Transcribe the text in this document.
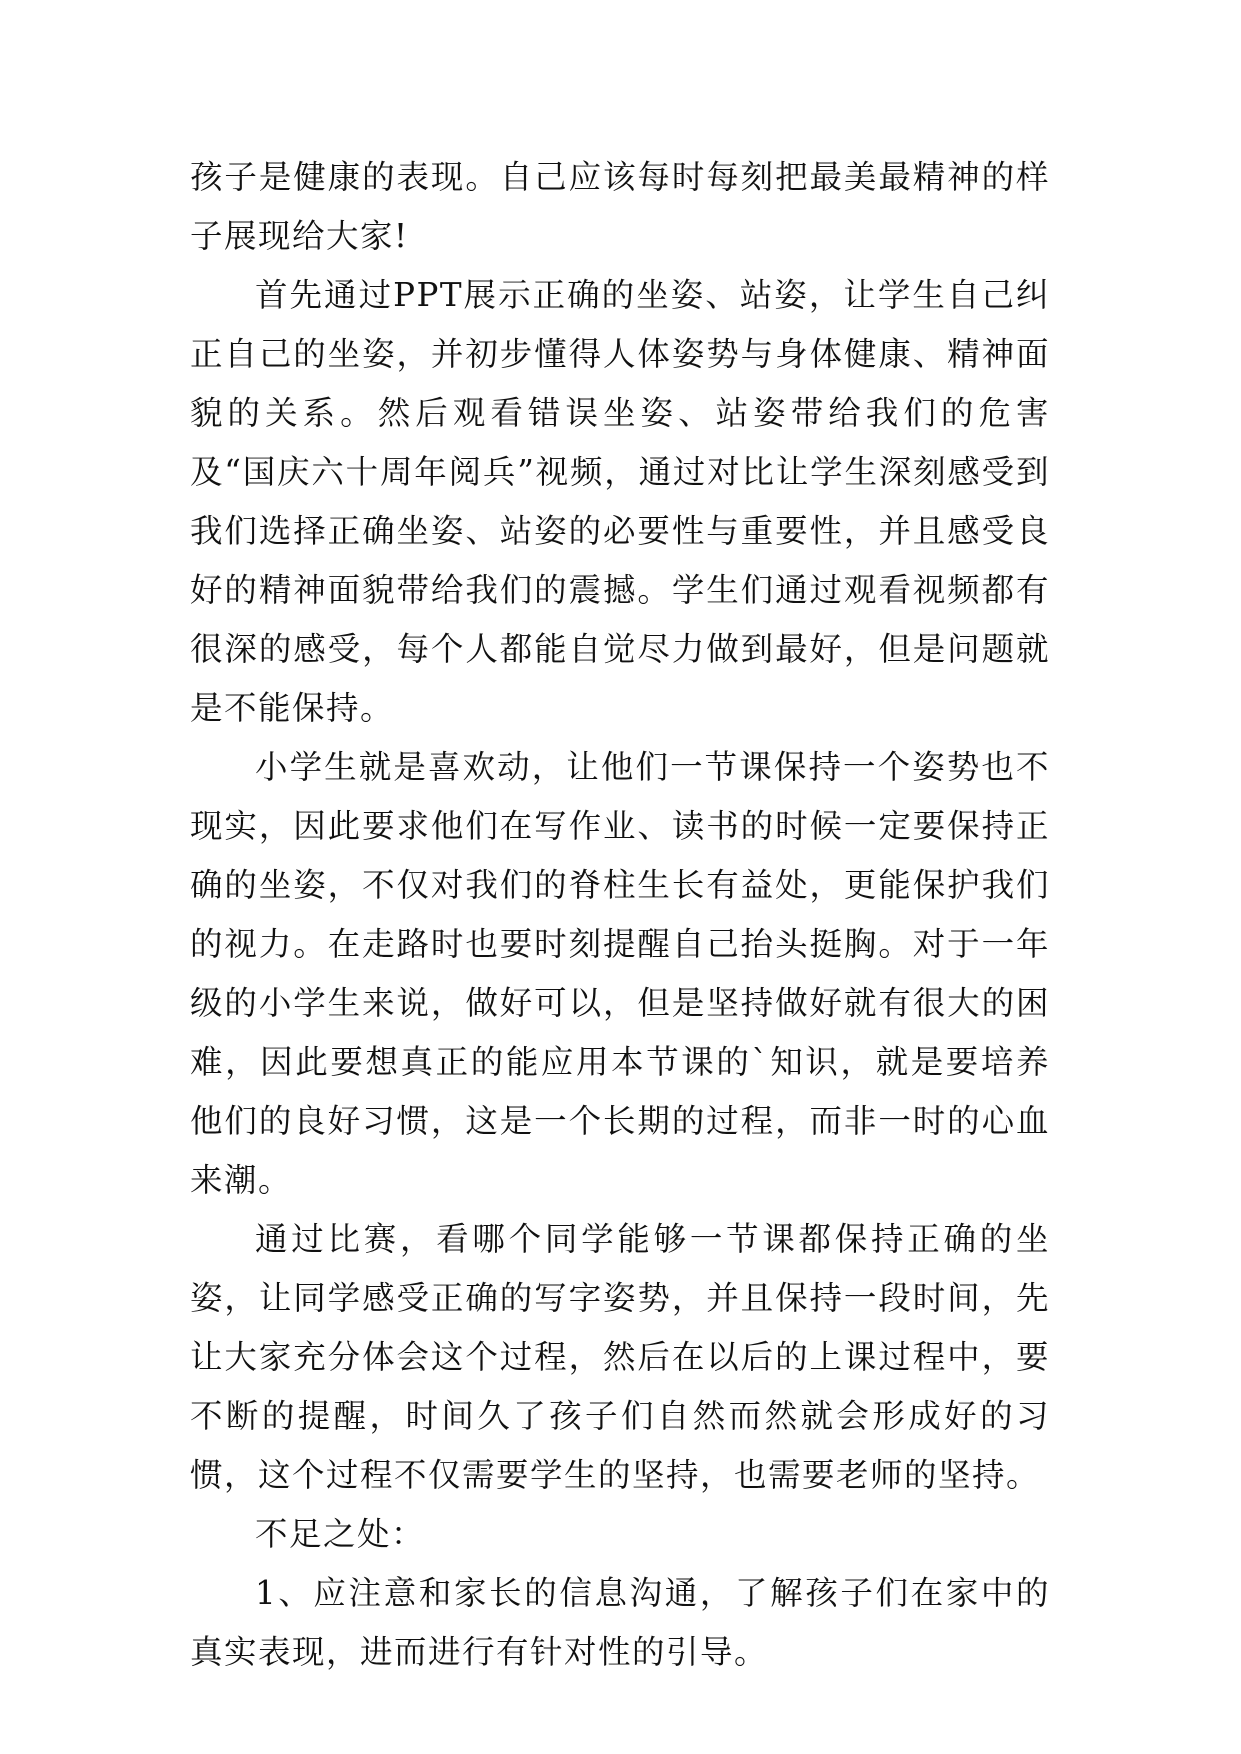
孩子是健康的表现。自己应该每时每刻把最美最精神的样子展现给大家!

首先通过PPT展示正确的坐姿、站姿，让学生自己纠正自己的坐姿，并初步懂得人体姿势与身体健康、精神面貌的关系。然后观看错误坐姿、站姿带给我们的危害及“国庆六十周年阅兵”视频，通过对比让学生深刻感受到我们选择正确坐姿、站姿的必要性与重要性，并且感受良好的精神面貌带给我们的震撼。学生们通过观看视频都有很深的感受，每个人都能自觉尽力做到最好，但是问题就是不能保持。

小学生就是喜欢动，让他们一节课保持一个姿势也不现实，因此要求他们在写作业、读书的时候一定要保持正确的坐姿，不仅对我们的脊柱生长有益处，更能保护我们的视力。在走路时也要时刻提醒自己抬头挺胸。对于一年级的小学生来说，做好可以，但是坚持做好就有很大的困难，因此要想真正的能应用本节课的`知识，就是要培养他们的良好习惯，这是一个长期的过程，而非一时的心血来潮。

通过比赛，看哪个同学能够一节课都保持正确的坐姿，让同学感受正确的写字姿势，并且保持一段时间，先让大家充分体会这个过程，然后在以后的上课过程中，要不断的提醒，时间久了孩子们自然而然就会形成好的习惯，这个过程不仅需要学生的坚持，也需要老师的坚持。

不足之处：

1、应注意和家长的信息沟通，了解孩子们在家中的真实表现，进而进行有针对性的引导。
